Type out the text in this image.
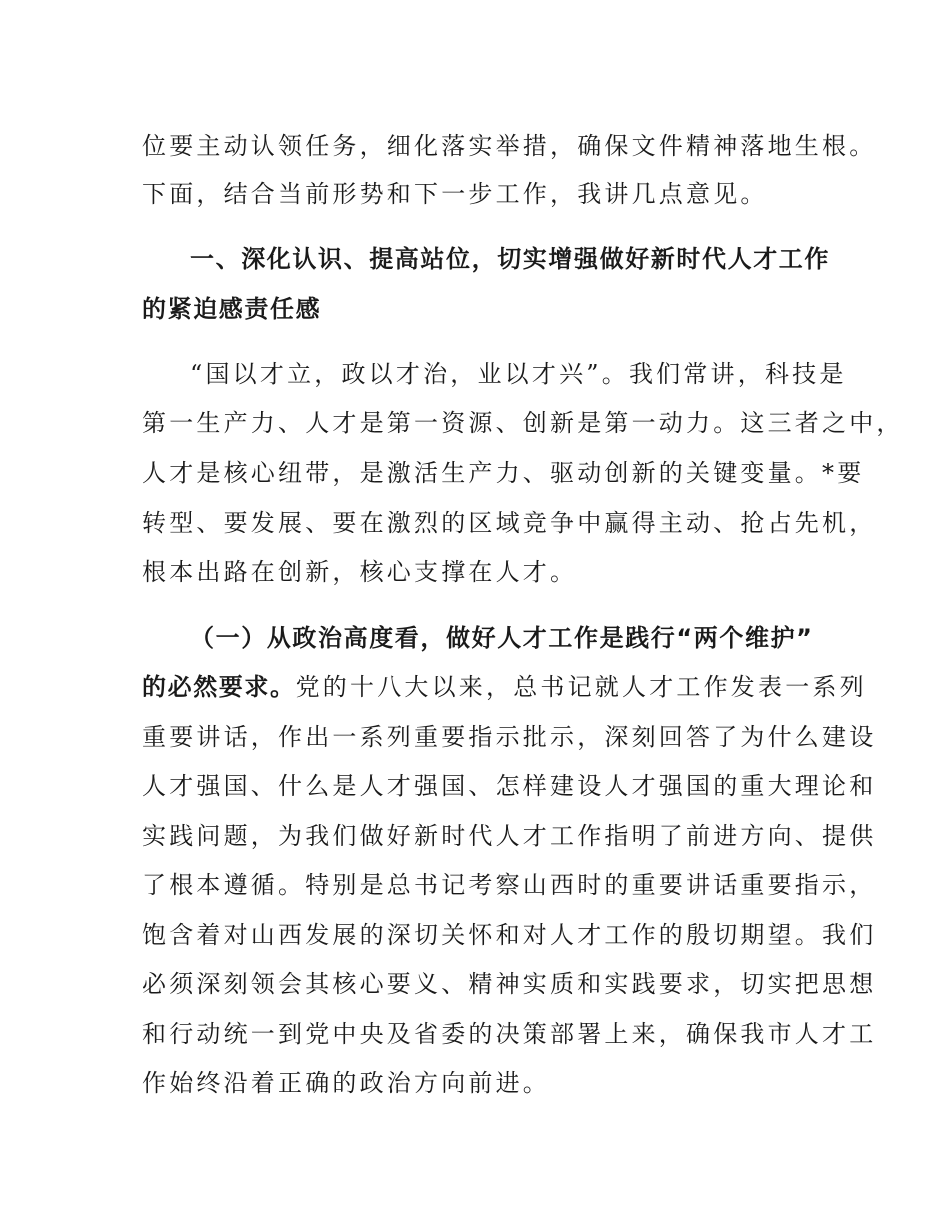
位要主动认领任务，细化落实举措，确保文件精神落地生根。
下面，结合当前形势和下一步工作，我讲几点意见。
一、深化认识、提高站位，切实增强做好新时代人才工作
的紧迫感责任感
“国以才立，政以才治，业以才兴”。我们常讲，科技是
第一生产力、人才是第一资源、创新是第一动力。这三者之中，
人才是核心纽带，是激活生产力、驱动创新的关键变量。*要
转型、要发展、要在激烈的区域竞争中赢得主动、抢占先机，
根本出路在创新，核心支撑在人才。
（一）从政治高度看，做好人才工作是践行“两个维护”
的必然要求。党的十八大以来，总书记就人才工作发表一系列
重要讲话，作出一系列重要指示批示，深刻回答了为什么建设
人才强国、什么是人才强国、怎样建设人才强国的重大理论和
实践问题，为我们做好新时代人才工作指明了前进方向、提供
了根本遵循。特别是总书记考察山西时的重要讲话重要指示，
饱含着对山西发展的深切关怀和对人才工作的殷切期望。我们
必须深刻领会其核心要义、精神实质和实践要求，切实把思想
和行动统一到党中央及省委的决策部署上来，确保我市人才工
作始终沿着正确的政治方向前进。
